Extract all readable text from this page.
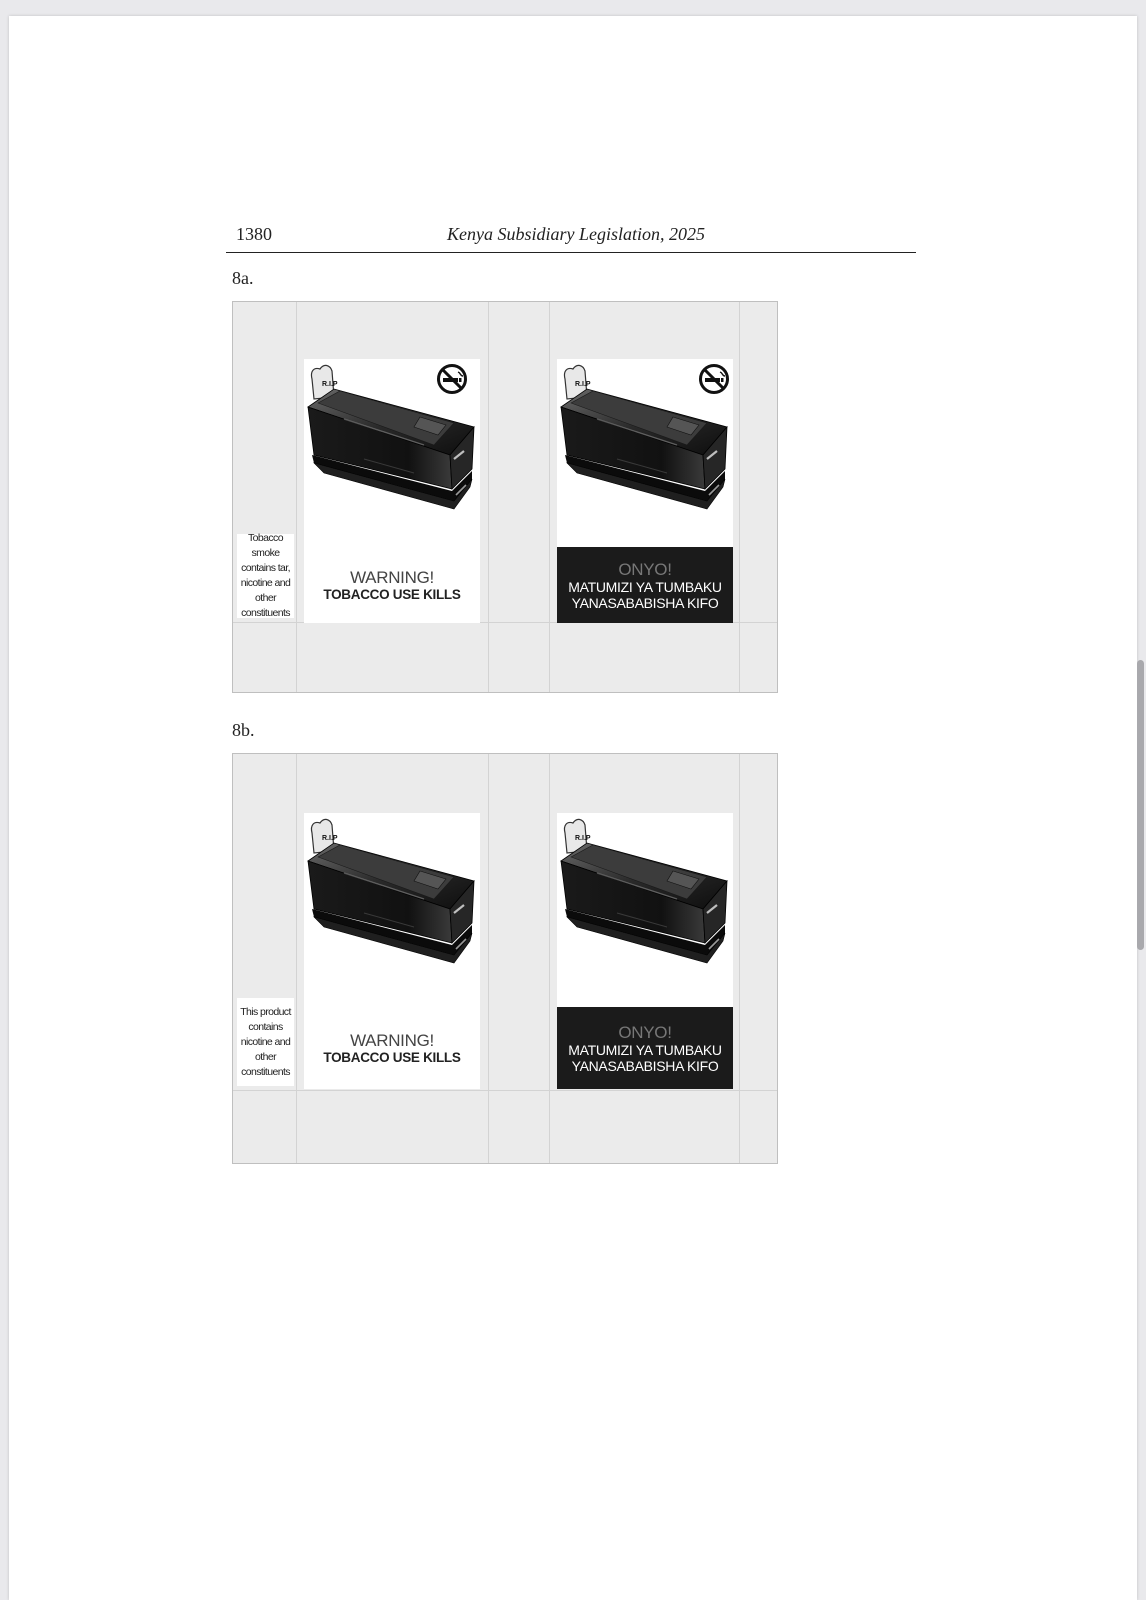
1380	Kenya Subsidiary Legislation, 2025
8a.
Tobacco smoke contains tar, nicotine and other constituents
WARNING!
TOBACCO USE KILLS
ONYO!
MATUMIZI YA TUMBAKU
YANASABABISHA KIFO
8b.
This product contains nicotine and other constituents
WARNING!
TOBACCO USE KILLS
ONYO!
MATUMIZI YA TUMBAKU
YANASABABISHA KIFO
